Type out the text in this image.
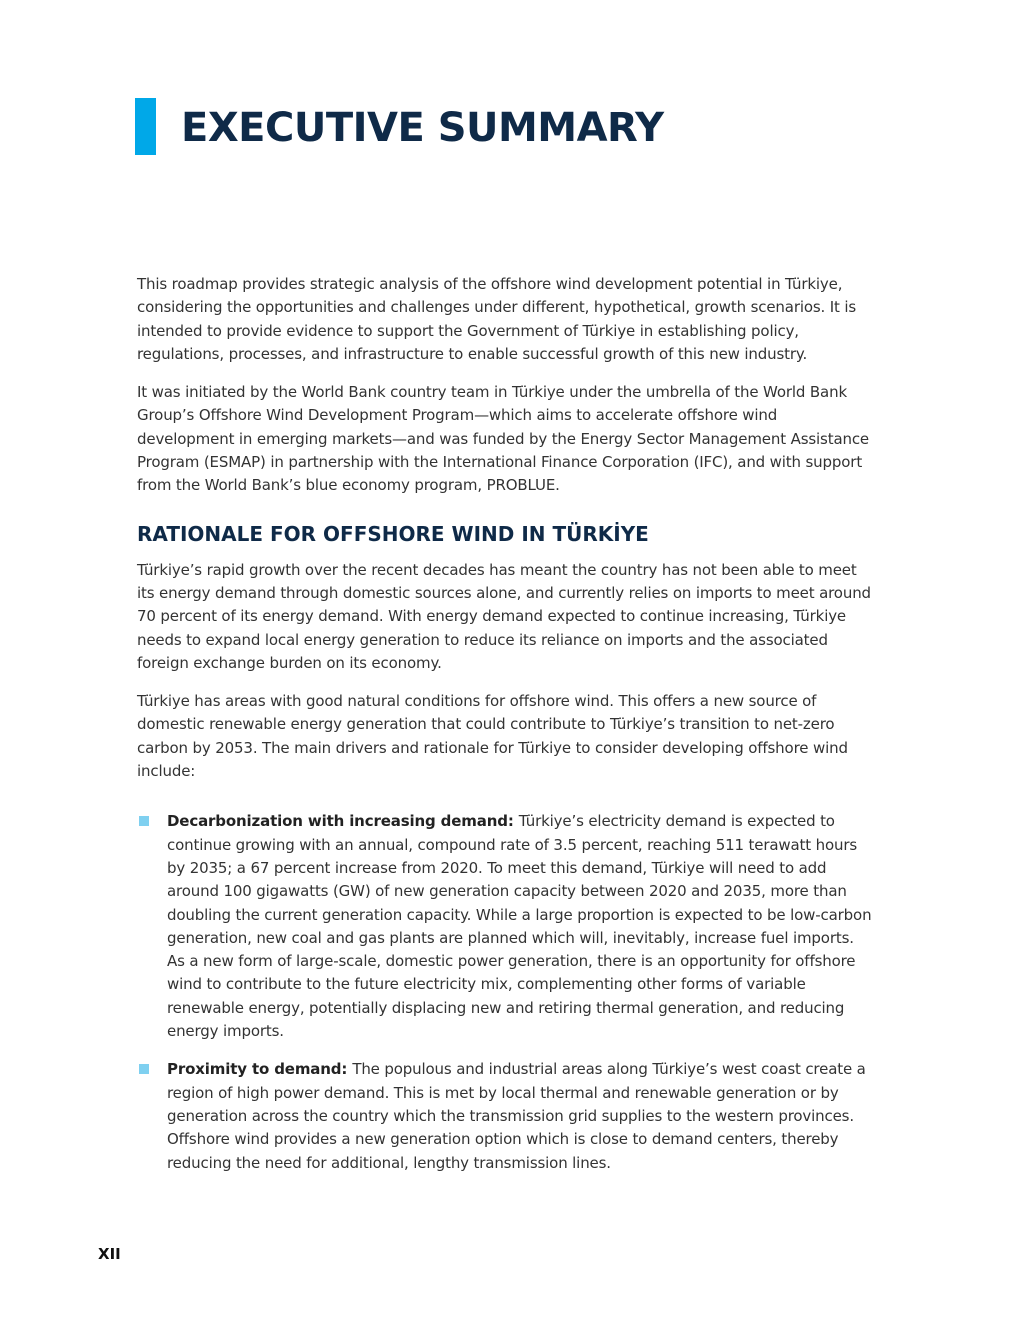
EXECUTIVE SUMMARY

This roadmap provides strategic analysis of the offshore wind development potential in Türkiye, considering the opportunities and challenges under different, hypothetical, growth scenarios. It is intended to provide evidence to support the Government of Türkiye in establishing policy, regulations, processes, and infrastructure to enable successful growth of this new industry.

It was initiated by the World Bank country team in Türkiye under the umbrella of the World Bank Group’s Offshore Wind Development Program—which aims to accelerate offshore wind development in emerging markets—and was funded by the Energy Sector Management Assistance Program (ESMAP) in partnership with the International Finance Corporation (IFC), and with support from the World Bank’s blue economy program, PROBLUE.

RATIONALE FOR OFFSHORE WIND IN TÜRKİYE

Türkiye’s rapid growth over the recent decades has meant the country has not been able to meet its energy demand through domestic sources alone, and currently relies on imports to meet around 70 percent of its energy demand. With energy demand expected to continue increasing, Türkiye needs to expand local energy generation to reduce its reliance on imports and the associated foreign exchange burden on its economy.

Türkiye has areas with good natural conditions for offshore wind. This offers a new source of domestic renewable energy generation that could contribute to Türkiye’s transition to net-zero carbon by 2053. The main drivers and rationale for Türkiye to consider developing offshore wind include:

Decarbonization with increasing demand: Türkiye’s electricity demand is expected to continue growing with an annual, compound rate of 3.5 percent, reaching 511 terawatt hours by 2035; a 67 percent increase from 2020. To meet this demand, Türkiye will need to add around 100 gigawatts (GW) of new generation capacity between 2020 and 2035, more than doubling the current generation capacity. While a large proportion is expected to be low-carbon generation, new coal and gas plants are planned which will, inevitably, increase fuel imports. As a new form of large-scale, domestic power generation, there is an opportunity for offshore wind to contribute to the future electricity mix, complementing other forms of variable renewable energy, potentially displacing new and retiring thermal generation, and reducing energy imports.
Proximity to demand: The populous and industrial areas along Türkiye’s west coast create a region of high power demand. This is met by local thermal and renewable generation or by generation across the country which the transmission grid supplies to the western provinces. Offshore wind provides a new generation option which is close to demand centers, thereby reducing the need for additional, lengthy transmission lines.
XII
